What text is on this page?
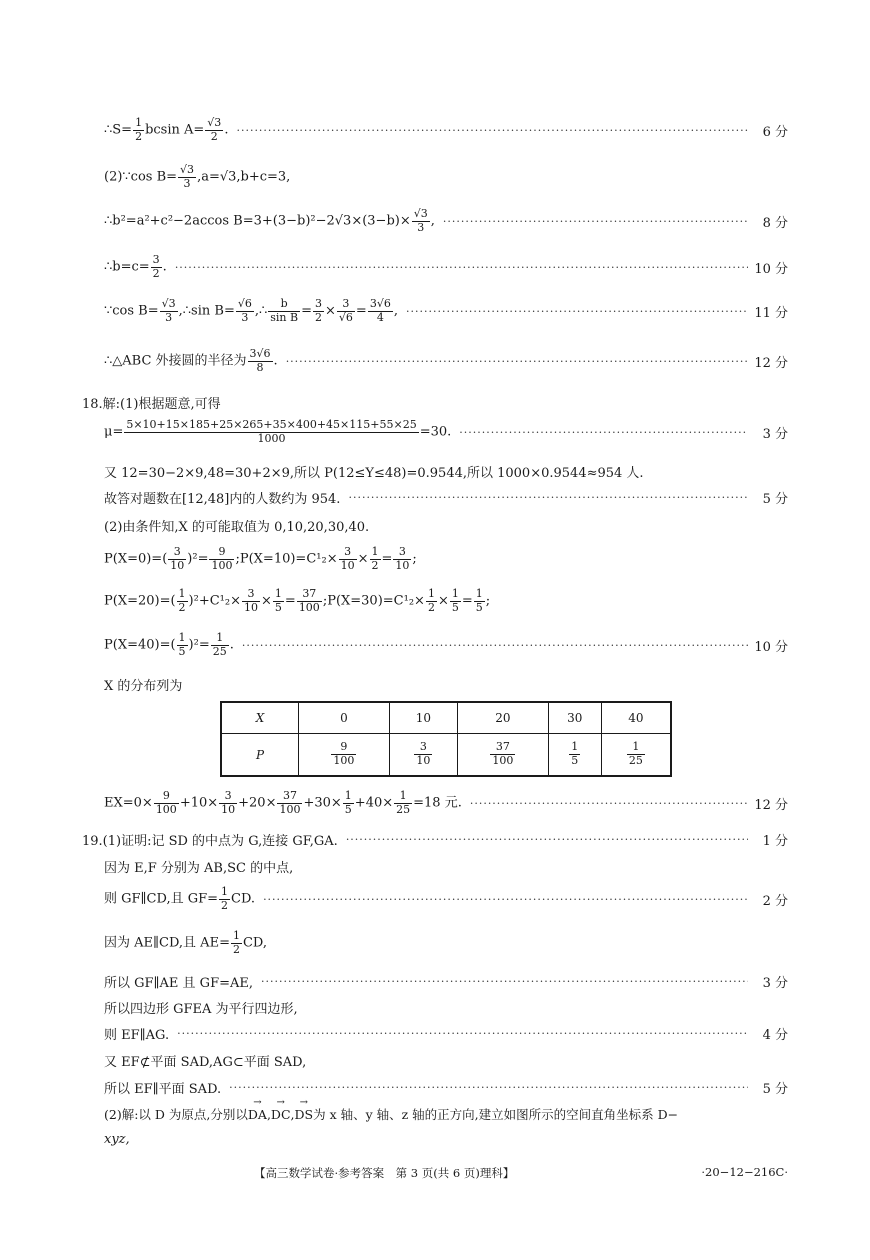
∴S= $\frac{1}{2}$ bcsin $A= \frac{√3}{2}$ . ·····	6 分
(2)∵cos $B= \frac{√3}{3} ,a=√3,b+c=3$,
∴b²=a²+c²−2accos $B=3+(3-b)^2-2√3\times(3-b)\times \frac{√3}{3}$ , ·····	8 分
∴b=c= $\frac{3}{2}$ . ·····	10 分
∵cos $B= \frac{√3}{3}$ ,∴sin $B= \frac{√6}{3}$ ,∴ $\frac{b}{\text{sin B}} = \frac{3}{2} \times \frac{3}{√6} = \frac{3√6}{4}$ , ·····	11 分
∴△ABC 外接圆的半径为 $\frac{3√6}{8}$ . ·····	12 分
18.解:(1)根据题意,可得
$\mu= \frac{5\times 10+15\times 185+25\times 265+35\times 400+45\times 115+55\times 25}{1000} =30$. ·····	3 分
又 12=30−2×9,48=30+2×9,所以 P(12≤Y≤48)=0.9544,所以 1000×0.9544≈954 人.
故答对题数在[12,48]内的人数约为 954. ·····	5 分
(2)由条件知,X 的可能取值为 0,10,20,30,40.
$P(X=0)=( \frac{3}{10} )^2= \frac{9}{100}$ ;P(X=10)=C¹₂× $\frac{3}{10} \times \frac{1}{2} = \frac{3}{10}$ ;
$P(X=20)=( \frac{1}{2} )^2+C^1_2\times \frac{3}{10} \times \frac{1}{5} = \frac{37}{100}$ ;P(X=30)=C¹₂× $\frac{1}{2} \times \frac{1}{5} = \frac{1}{5}$ ;
$P(X=40)=( \frac{1}{5} )^2= \frac{1}{25}$ . ·····	10 分
X 的分布列为
X	0	10	20	30	40
P	$\frac{9}{100}$	$\frac{3}{10}$	$\frac{37}{100}$	$\frac{1}{5}$	$\frac{1}{25}$
$EX=0\times \frac{9}{100} +10\times \frac{3}{10} +20\times \frac{37}{100} +30\times \frac{1}{5} +40\times \frac{1}{25} =18$ 元. ·····	12 分
19.(1)证明:记 SD 的中点为 G,连接 GF,GA. ·····	1 分
因为 E,F 分别为 AB,SC 的中点,
则 GF∥CD,且 $GF= \frac{1}{2}$ CD. ·····	2 分
因为 AE∥CD,且 $AE= \frac{1}{2}$ CD,
所以 GF∥AE 且 GF=AE, ·····	3 分
所以四边形 GFEA 为平行四边形,
则 EF∥AG. ·····	4 分
又 EF⊄平面 SAD,AG⊂平面 SAD,
所以 EF∥平面 SAD. ·····	5 分
(2)解:以 D 为原点,分别以DA →,DC →,DS →为 x 轴、y 轴、z 轴的正方向,建立如图所示的空间直角坐标系 D−
xyz,
【高三数学试卷·参考答案　第 3 页(共 6 页)理科】	·20−12−216C·
